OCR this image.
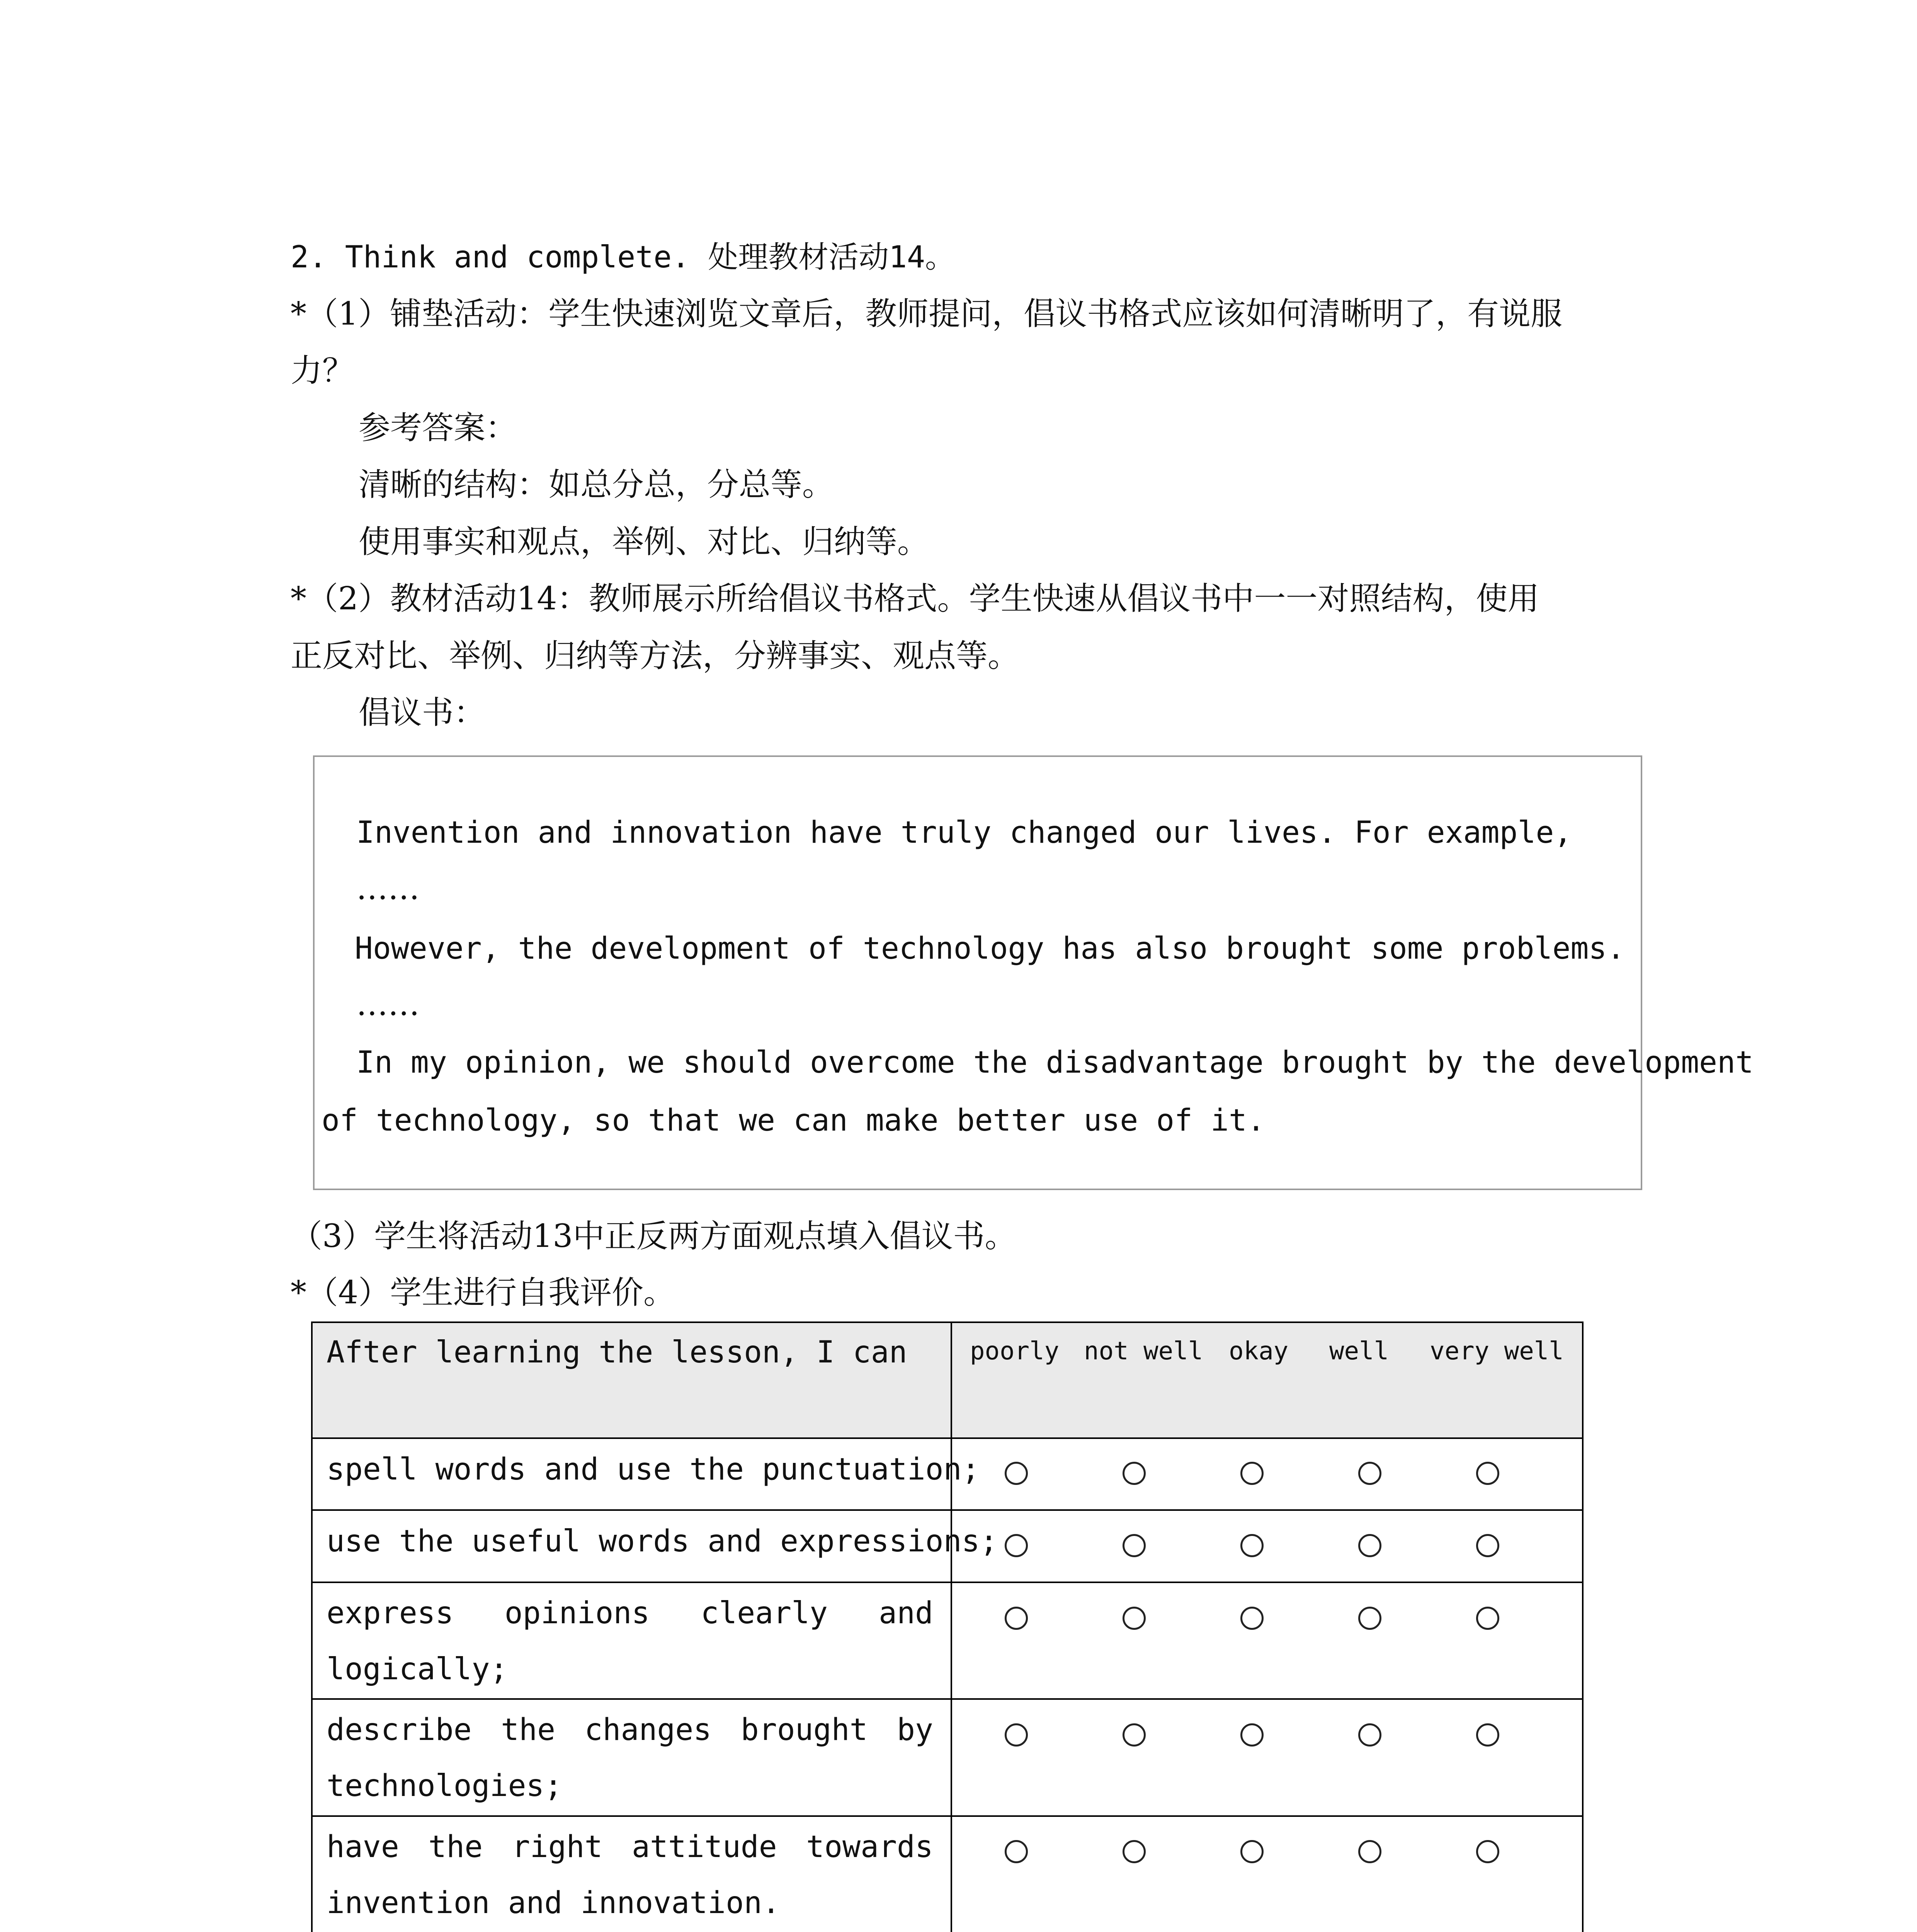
2. Think and complete. 处理教材活动14。
*（1）铺垫活动：学生快速浏览文章后，教师提问，倡议书格式应该如何清晰明了，有说服
力？
参考答案：
清晰的结构：如总分总，分总等。
使用事实和观点，举例、对比、归纳等。
*（2）教材活动14：教师展示所给倡议书格式。学生快速从倡议书中一一对照结构，使用
正反对比、举例、归纳等方法，分辨事实、观点等。
倡议书：
Invention and innovation have truly changed our lives. For example,
……
However, the development of technology has also brought some problems.
……
In my opinion, we should overcome the disadvantage brought by the development
of technology, so that we can make better use of it.
（3）学生将活动13中正反两方面观点填入倡议书。
*（4）学生进行自我评价。
After learning the lesson, I can	poorly not well okay well very well
spell words and use the punctuation;
use the useful words and expressions;
express opinions clearly and
logically;
describe the changes brought by
technologies;
have the right attitude towards
invention and innovation.
